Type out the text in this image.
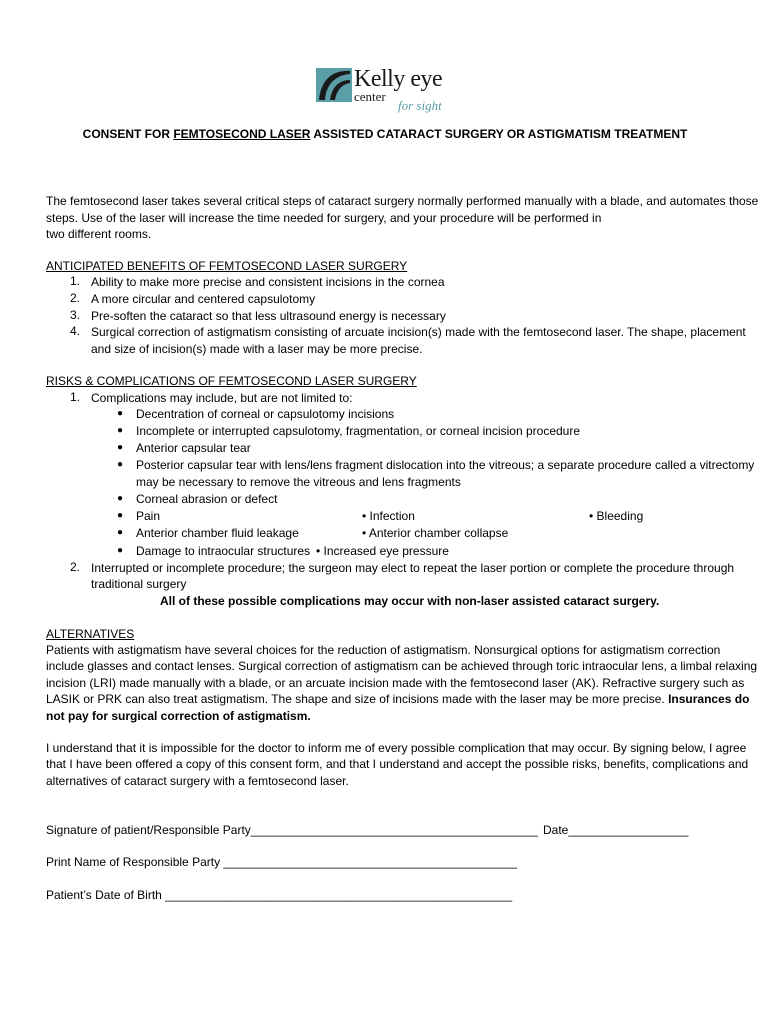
Kelly eye
center
for sight
CONSENT FOR FEMTOSECOND LASER ASSISTED CATARACT SURGERY OR ASTIGMATISM TREATMENT
The femtosecond laser takes several critical steps of cataract surgery normally performed manually with a blade, and automates those
steps. Use of the laser will increase the time needed for surgery, and your procedure will be performed in
two different rooms.
ANTICIPATED BENEFITS OF FEMTOSECOND LASER SURGERY
1. Ability to make more precise and consistent incisions in the cornea
2. A more circular and centered capsulotomy
3. Pre-soften the cataract so that less ultrasound energy is necessary
4. Surgical correction of astigmatism consisting of arcuate incision(s) made with the femtosecond laser. The shape, placement
and size of incision(s) made with a laser may be more precise.
RISKS & COMPLICATIONS OF FEMTOSECOND LASER SURGERY
1. Complications may include, but are not limited to:
● Decentration of corneal or capsulotomy incisions
● Incomplete or interrupted capsulotomy, fragmentation, or corneal incision procedure
● Anterior capsular tear
● Posterior capsular tear with lens/lens fragment dislocation into the vitreous; a separate procedure called a vitrectomy
may be necessary to remove the vitreous and lens fragments
● Corneal abrasion or defect
● Pain	• Infection	• Bleeding
● Anterior chamber fluid leakage	• Anterior chamber collapse
● Damage to intraocular structures • Increased eye pressure
2. Interrupted or incomplete procedure; the surgeon may elect to repeat the laser portion or complete the procedure through
traditional surgery
All of these possible complications may occur with non-laser assisted cataract surgery.
ALTERNATIVES
Patients with astigmatism have several choices for the reduction of astigmatism. Nonsurgical options for astigmatism correction
include glasses and contact lenses. Surgical correction of astigmatism can be achieved through toric intraocular lens, a limbal relaxing
incision (LRI) made manually with a blade, or an arcuate incision made with the femtosecond laser (AK). Refractive surgery such as
LASIK or PRK can also treat astigmatism. The shape and size of incisions made with the laser may be more precise. Insurances do
not pay for surgical correction of astigmatism.
I understand that it is impossible for the doctor to inform me of every possible complication that may occur. By signing below, I agree
that I have been offered a copy of this consent form, and that I understand and accept the possible risks, benefits, complications and
alternatives of cataract surgery with a femtosecond laser.
Signature of patient/Responsible Party___________________________________________ Date__________________
Print Name of Responsible Party ____________________________________________
Patient’s Date of Birth ____________________________________________________
